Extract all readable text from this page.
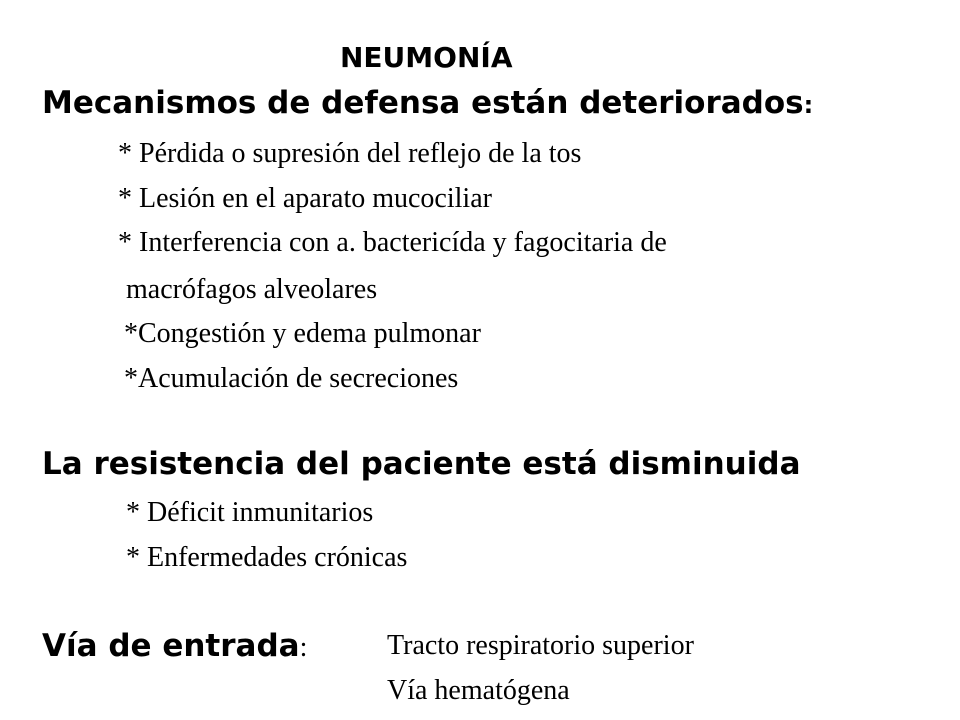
NEUMONÍA
Mecanismos de defensa están deteriorados:
* Pérdida o supresión del reflejo de la tos
* Lesión en el aparato mucociliar
* Interferencia con a. bactericída y fagocitaria de
macrófagos alveolares
*Congestión y edema pulmonar
*Acumulación de secreciones
La resistencia del paciente está disminuida
* Déficit inmunitarios
* Enfermedades crónicas
Vía de entrada:	Tracto respiratorio superior
Vía hematógena
